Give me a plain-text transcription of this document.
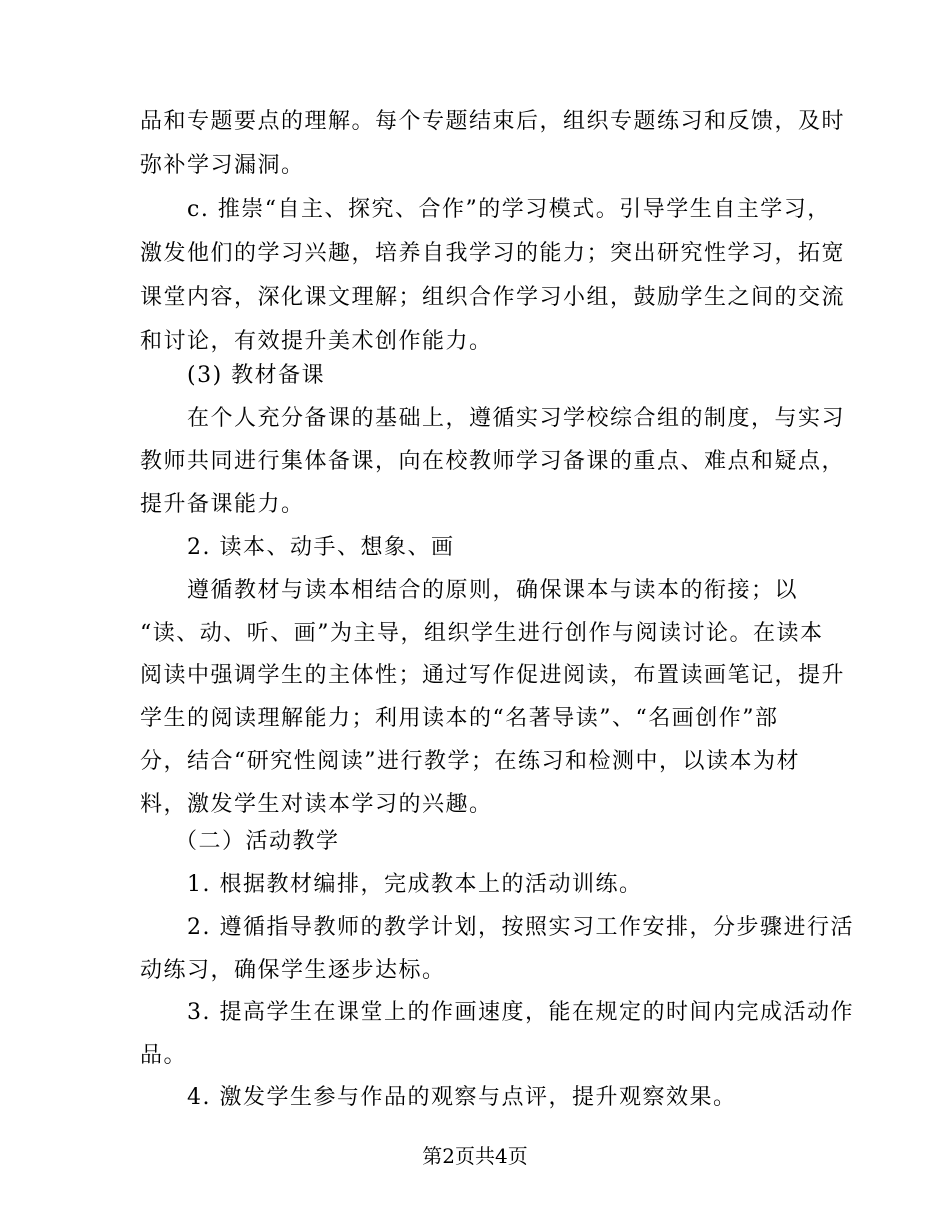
品和专题要点的理解。每个专题结束后，组织专题练习和反馈，及时
弥补学习漏洞。
c. 推崇“自主、探究、合作”的学习模式。引导学生自主学习，
激发他们的学习兴趣，培养自我学习的能力；突出研究性学习，拓宽
课堂内容，深化课文理解；组织合作学习小组，鼓励学生之间的交流
和讨论，有效提升美术创作能力。
(3) 教材备课
在个人充分备课的基础上，遵循实习学校综合组的制度，与实习
教师共同进行集体备课，向在校教师学习备课的重点、难点和疑点，
提升备课能力。
2. 读本、动手、想象、画
遵循教材与读本相结合的原则，确保课本与读本的衔接；以
“读、动、听、画”为主导，组织学生进行创作与阅读讨论。在读本
阅读中强调学生的主体性；通过写作促进阅读，布置读画笔记，提升
学生的阅读理解能力；利用读本的“名著导读”、“名画创作”部
分，结合“研究性阅读”进行教学；在练习和检测中，以读本为材
料，激发学生对读本学习的兴趣。
（二）活动教学
1. 根据教材编排，完成教本上的活动训练。
2. 遵循指导教师的教学计划，按照实习工作安排，分步骤进行活
动练习，确保学生逐步达标。
3. 提高学生在课堂上的作画速度，能在规定的时间内完成活动作
品。
4. 激发学生参与作品的观察与点评，提升观察效果。
第2页共4页
